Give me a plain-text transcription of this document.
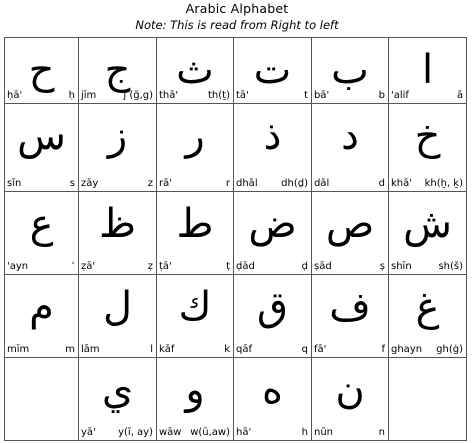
Arabic Alphabet
Note: This is read from Right to left
ح
ḥā'	ḥ
ج
jīm	j (ğ,g)
ث
thā'	th(ṯ)
ت
tā'	t
ب
bā'	b
ا
'alif	ā
س
sīn	s
ز
zāy	z
ر
rā'	r
ذ
dhāl dh(ḏ)
د
dāl	d
خ
khā' kh(ḫ, ḵ)
ع
'ayn	ʿ
ظ
ẓā'	ẓ
ط
ṭā'	ṭ
ض
ḍād	ḍ
ص
ṣād	ṣ
ش
shīn	sh(š)
م
mīm	m
ل
lām	l
ك
kāf	k
ق
qāf	q
ف
fā'	f
غ
ghayn gh(ġ)
ي
yā' y(ī, ay)
و
wāw w(ū,aw)
ه
hā'	h
ن
nūn	n
